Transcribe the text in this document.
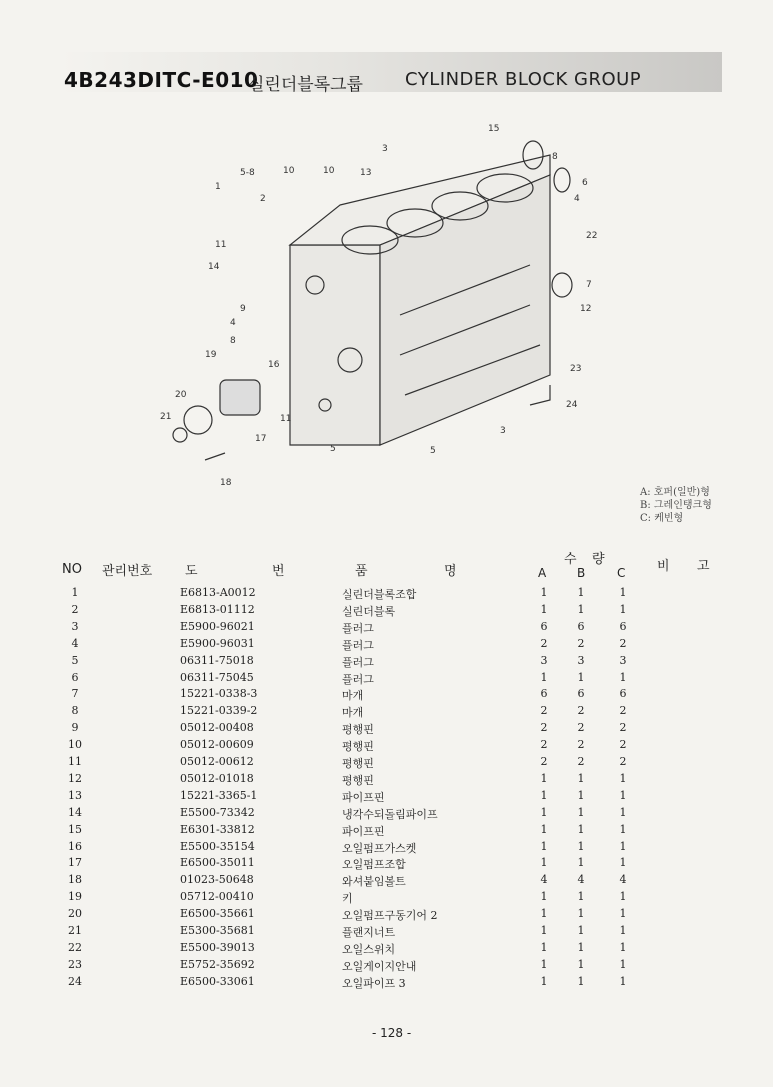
4B243DITC-E010
실린더블록그룹 CYLINDER BLOCK GROUP
15
3
8
6
4
22
5-8	10	10	13
1
2
11
14
9
4
8
7
12
19
16	23
20
24
21	11
3
17
5	5
18
A: 호퍼(일반)형
B: 그레인탱크형
C: 케빈형
NO 관리번호	도	번	품	명
수 량
A	B	C 비 고
1	E6813-A0012	실린더블록조합	1	1	1
2	E6813-01112	실린더블록	1	1	1
3	E5900-96021	플러그	6	6	6
4	E5900-96031	플러그	2	2	2
5	06311-75018	플러그	3	3	3
6	06311-75045	플러그	1	1	1
7	15221-0338-3	마개	6	6	6
8	15221-0339-2	마개	2	2	2
9	05012-00408	평행핀	2	2	2
10	05012-00609	평행핀	2	2	2
11	05012-00612	평행핀	2	2	2
12	05012-01018	평행핀	1	1	1
13	15221-3365-1	파이프핀	1	1	1
14	E5500-73342	냉각수되돌림파이프	1	1	1
15	E6301-33812	파이프핀	1	1	1
16	E5500-35154	오일펌프가스켓	1	1	1
17	E6500-35011	오일펌프조합	1	1	1
18	01023-50648	와셔붙임볼트	4	4	4
19	05712-00410	키	1	1	1
20	E6500-35661	오일펌프구동기어 2	1	1	1
21	E5300-35681	플랜지너트	1	1	1
22	E5500-39013	오일스위치	1	1	1
23	E5752-35692	오일게이지안내	1	1	1
24	E6500-33061	오일파이프 3	1	1	1
- 128 -
